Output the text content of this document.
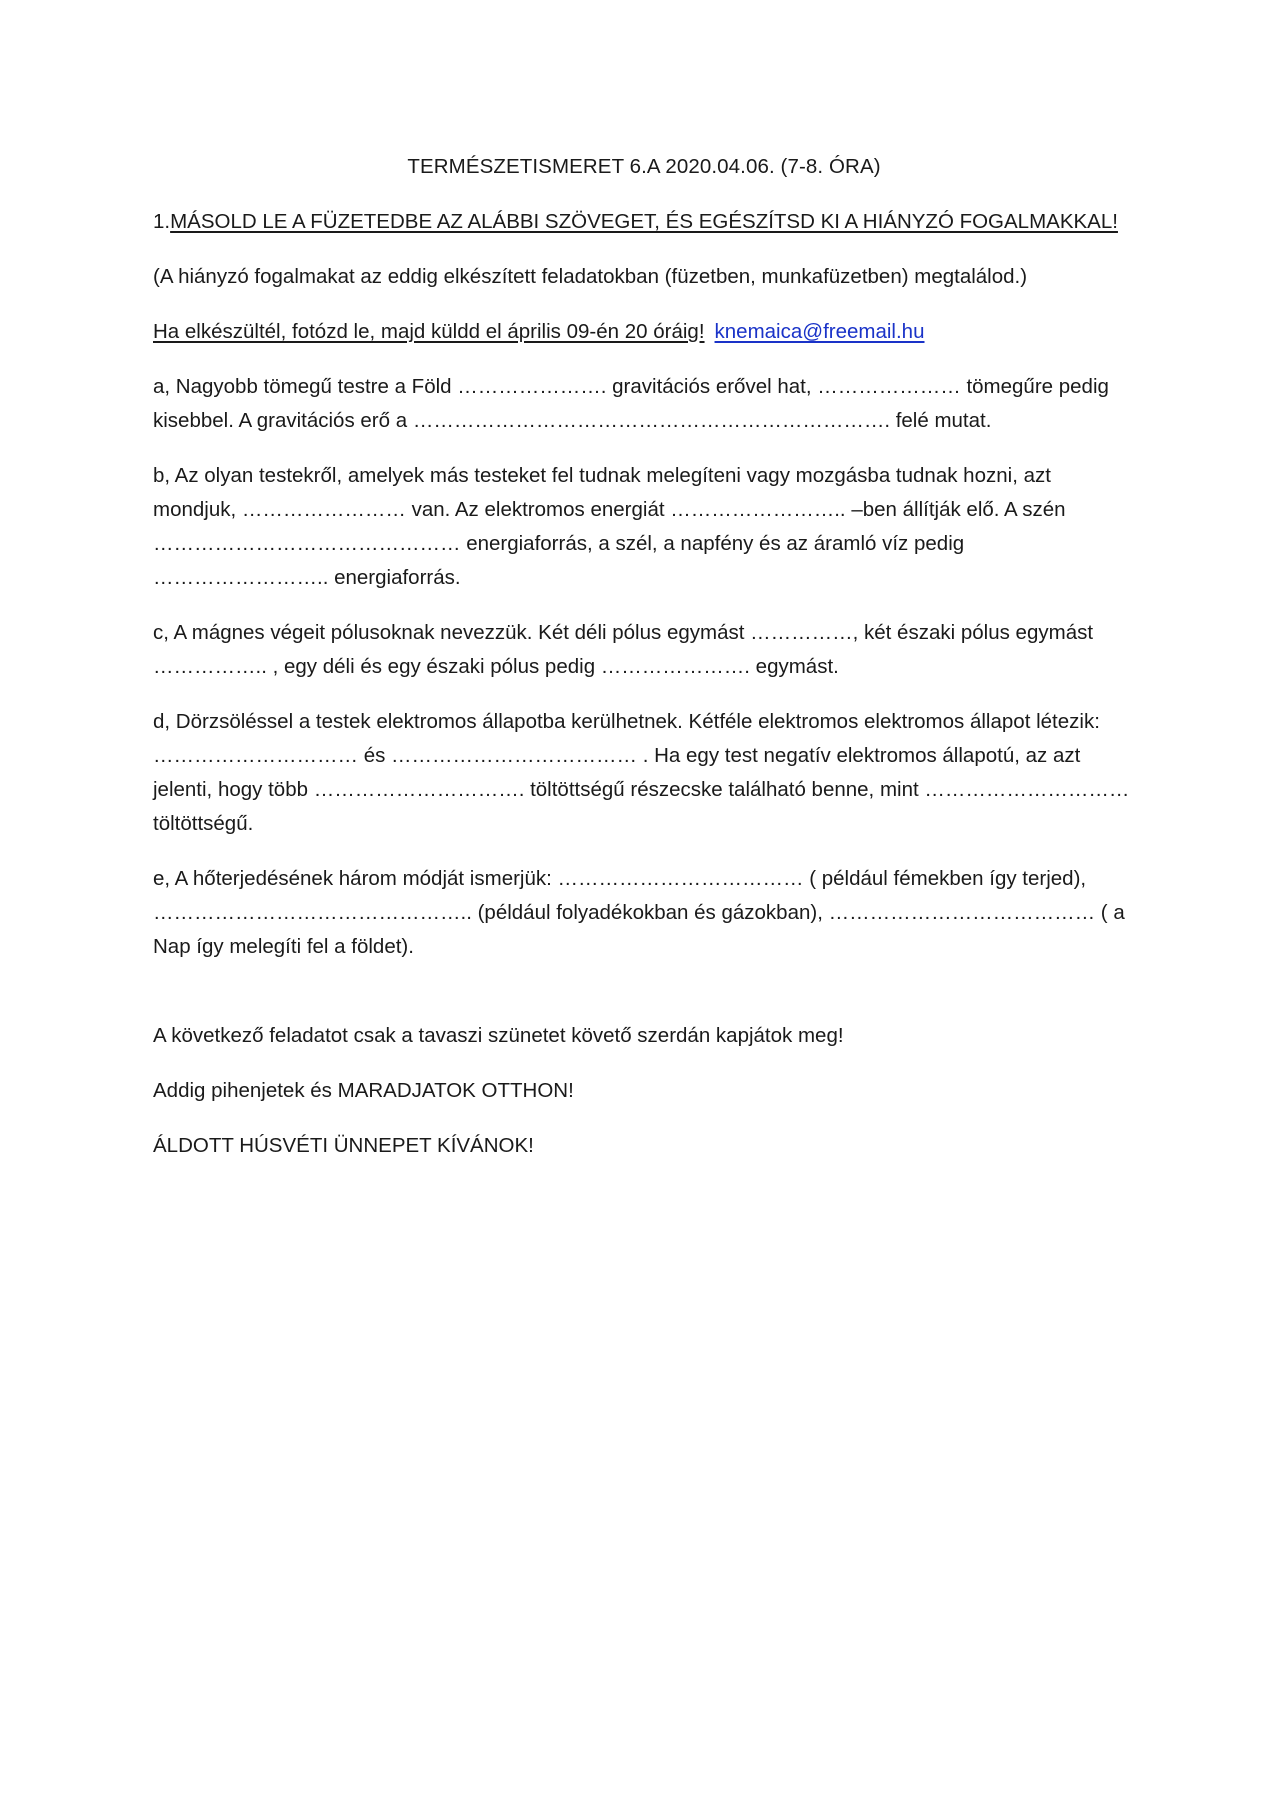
TERMÉSZETISMERET 6.A 2020.04.06. (7-8. ÓRA)

1.MÁSOLD LE A FÜZETEDBE AZ ALÁBBI SZÖVEGET, ÉS EGÉSZÍTSD KI A HIÁNYZÓ FOGALMAKKAL!

(A hiányzó fogalmakat az eddig elkészített feladatokban (füzetben, munkafüzetben) megtalálod.)

Ha elkészültél, fotózd le, majd küldd el április 09-én 20 óráig! knemaica@freemail.hu

a, Nagyobb tömegű testre a Föld …………………. gravitációs erővel hat, ………………… tömegűre pedig kisebbel. A gravitációs erő a ……………………………………………………………. felé mutat.

b, Az olyan testekről, amelyek más testeket fel tudnak melegíteni vagy mozgásba tudnak hozni, azt mondjuk, …………………… van. Az elektromos energiát …………………….. –ben állítják elő. A szén ……………………………………… energiaforrás, a szél, a napfény és az áramló víz pedig …………………….. energiaforrás.

c, A mágnes végeit pólusoknak nevezzük. Két déli pólus egymást ……………, két északi pólus egymást …………….. , egy déli és egy északi pólus pedig …………………. egymást.

d, Dörzsöléssel a testek elektromos állapotba kerülhetnek. Kétféle elektromos elektromos állapot létezik: ………………………… és ……………………………… . Ha egy test negatív elektromos állapotú, az azt jelenti, hogy több …………………………. töltöttségű részecske található benne, mint ………………………… töltöttségű.

e, A hőterjedésének három módját ismerjük: ……………………………… ( például fémekben így terjed), ……………………………………….. (például folyadékokban és gázokban), ………………………………… ( a Nap így melegíti fel a földet).

A következő feladatot csak a tavaszi szünetet követő szerdán kapjátok meg!

Addig pihenjetek és MARADJATOK OTTHON!

ÁLDOTT HÚSVÉTI ÜNNEPET KÍVÁNOK!
